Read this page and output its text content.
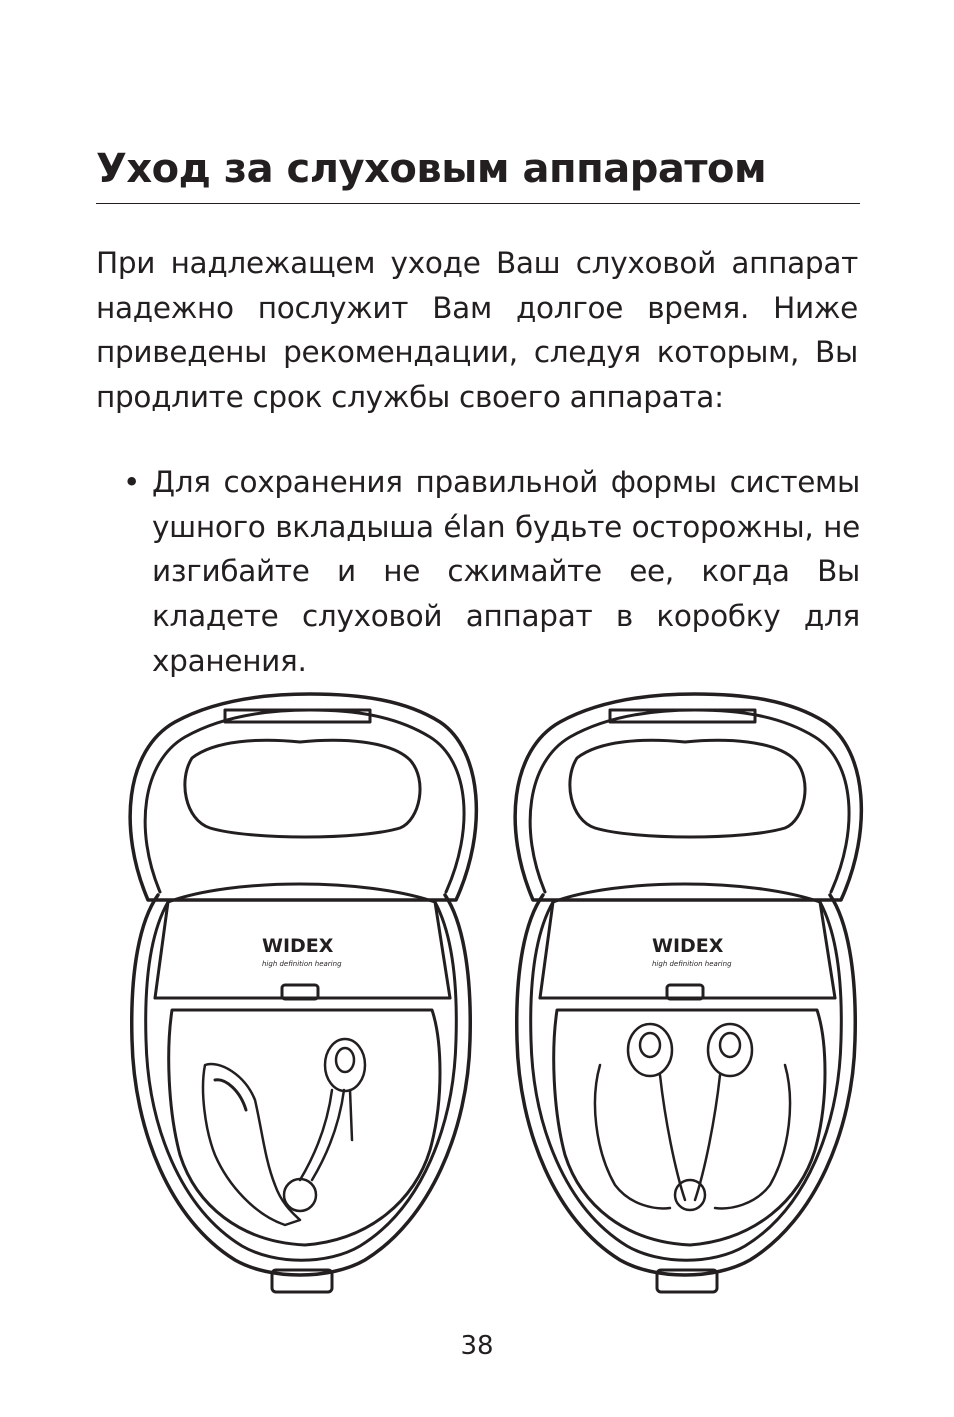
Уход за слуховым аппаратом

При надлежащем уходе Ваш слуховой аппарат надежно послужит Вам долгое время. Ниже приведены рекомендации, следуя которым, Вы продлите срок службы своего аппарата:

• Для сохранения правильной формы системы ушного вкладыша élan будьте осторожны, не изгибайте и не сжимайте ее, когда Вы кладете слуховой аппарат в коробку для хранения.
WIDEX
high definition hearing
WIDEX
high definition hearing
38
